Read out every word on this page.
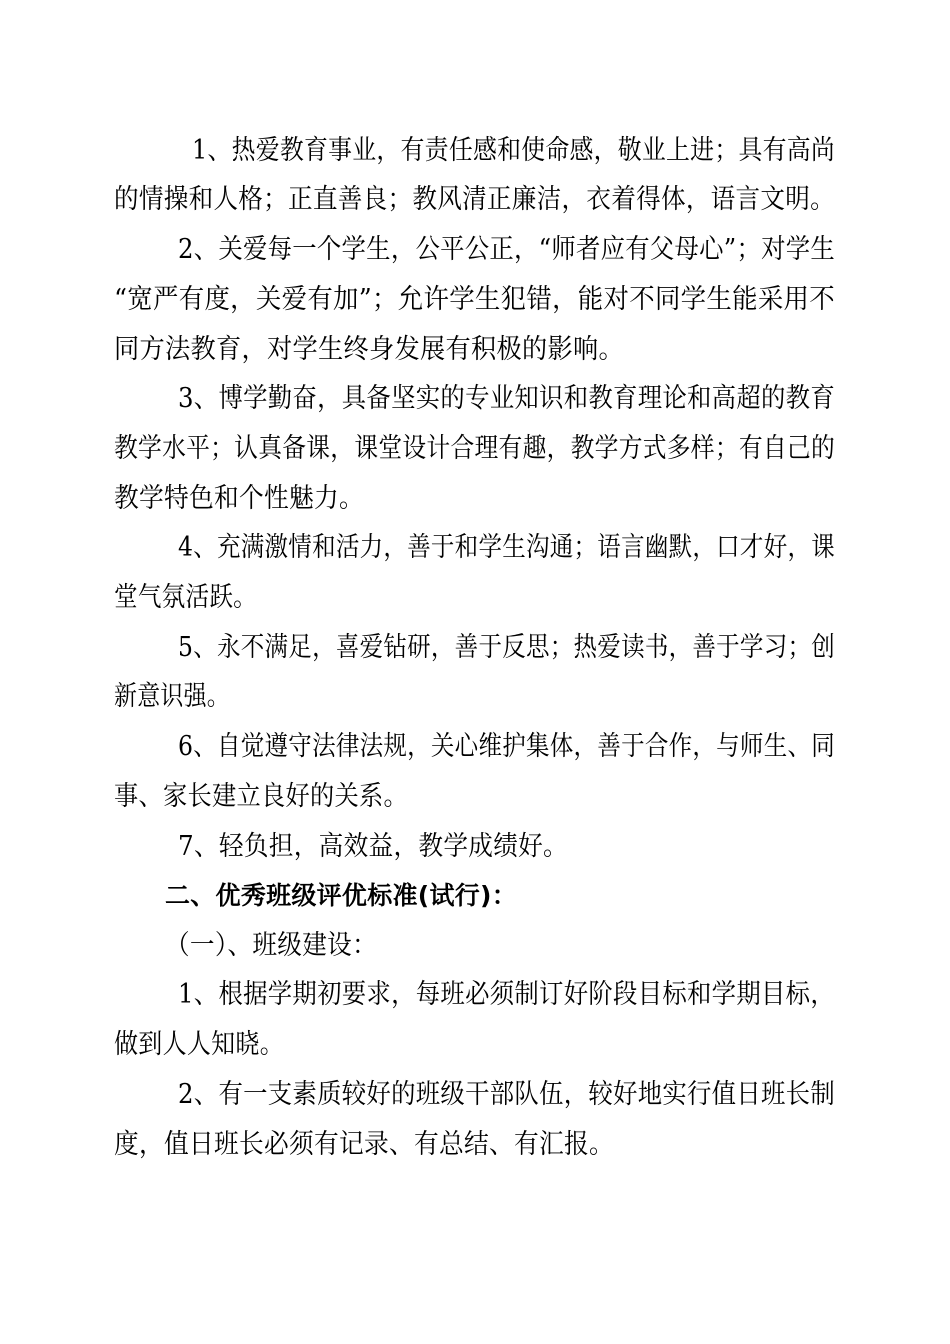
1、热爱教育事业，有责任感和使命感，敬业上进；具有高尚

的情操和人格；正直善良；教风清正廉洁，衣着得体，语言文明。

2、关爱每一个学生，公平公正，“师者应有父母心”；对学生

“宽严有度，关爱有加”；允许学生犯错，能对不同学生能采用不

同方法教育，对学生终身发展有积极的影响。

3、博学勤奋，具备坚实的专业知识和教育理论和高超的教育

教学水平；认真备课，课堂设计合理有趣，教学方式多样；有自己的

教学特色和个性魅力。

4、充满激情和活力，善于和学生沟通；语言幽默，口才好，课

堂气氛活跃。

5、永不满足，喜爱钻研，善于反思；热爱读书，善于学习；创

新意识强。

6、自觉遵守法律法规，关心维护集体，善于合作，与师生、同

事、家长建立良好的关系。

7、轻负担，高效益，教学成绩好。

二、优秀班级评优标准(试行)：

（一）、班级建设：

1、根据学期初要求，每班必须制订好阶段目标和学期目标，

做到人人知晓。

2、有一支素质较好的班级干部队伍，较好地实行值日班长制

度，值日班长必须有记录、有总结、有汇报。
